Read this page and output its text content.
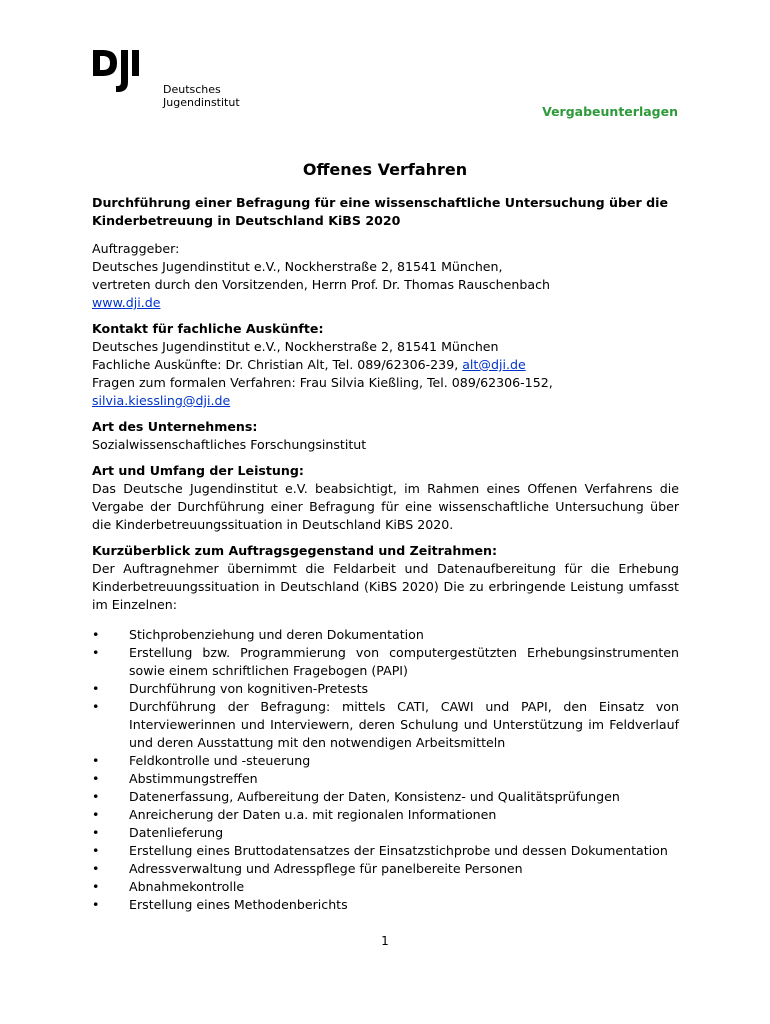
Deutsches
Jugendinstitut
Vergabeunterlagen
Offenes Verfahren
Durchführung einer Befragung für eine wissenschaftliche Untersuchung über die
Kinderbetreuung in Deutschland KiBS 2020
Auftraggeber:
Deutsches Jugendinstitut e.V., Nockherstraße 2, 81541 München,
vertreten durch den Vorsitzenden, Herrn Prof. Dr. Thomas Rauschenbach
www.dji.de
Kontakt für fachliche Auskünfte:
Deutsches Jugendinstitut e.V., Nockherstraße 2, 81541 München
Fachliche Auskünfte: Dr. Christian Alt, Tel. 089/62306-239, alt@dji.de
Fragen zum formalen Verfahren: Frau Silvia Kießling, Tel. 089/62306-152,
silvia.kiessling@dji.de
Art des Unternehmens:
Sozialwissenschaftliches Forschungsinstitut
Art und Umfang der Leistung:
Das Deutsche Jugendinstitut e.V. beabsichtigt, im Rahmen eines Offenen Verfahrens die Vergabe der Durchführung einer Befragung für eine wissenschaftliche Untersuchung über die Kinderbetreuungssituation in Deutschland KiBS 2020.
Kurzüberblick zum Auftragsgegenstand und Zeitrahmen:
Der Auftragnehmer übernimmt die Feldarbeit und Datenaufbereitung für die Erhebung Kinderbetreuungssituation in Deutschland (KiBS 2020) Die zu erbringende Leistung umfasst im Einzelnen:
• Stichprobenziehung und deren Dokumentation
• Erstellung bzw. Programmierung von computergestützten Erhebungsinstrumenten sowie einem schriftlichen Fragebogen (PAPI)
• Durchführung von kognitiven-Pretests
• Durchführung der Befragung: mittels CATI, CAWI und PAPI, den Einsatz von Interviewerinnen und Interviewern, deren Schulung und Unterstützung im Feldverlauf und deren Ausstattung mit den notwendigen Arbeitsmitteln
• Feldkontrolle und -steuerung
• Abstimmungstreffen
• Datenerfassung, Aufbereitung der Daten, Konsistenz- und Qualitätsprüfungen
• Anreicherung der Daten u.a. mit regionalen Informationen
• Datenlieferung
• Erstellung eines Bruttodatensatzes der Einsatzstichprobe und dessen Dokumentation
• Adressverwaltung und Adresspflege für panelbereite Personen
• Abnahmekontrolle
• Erstellung eines Methodenberichts
1
